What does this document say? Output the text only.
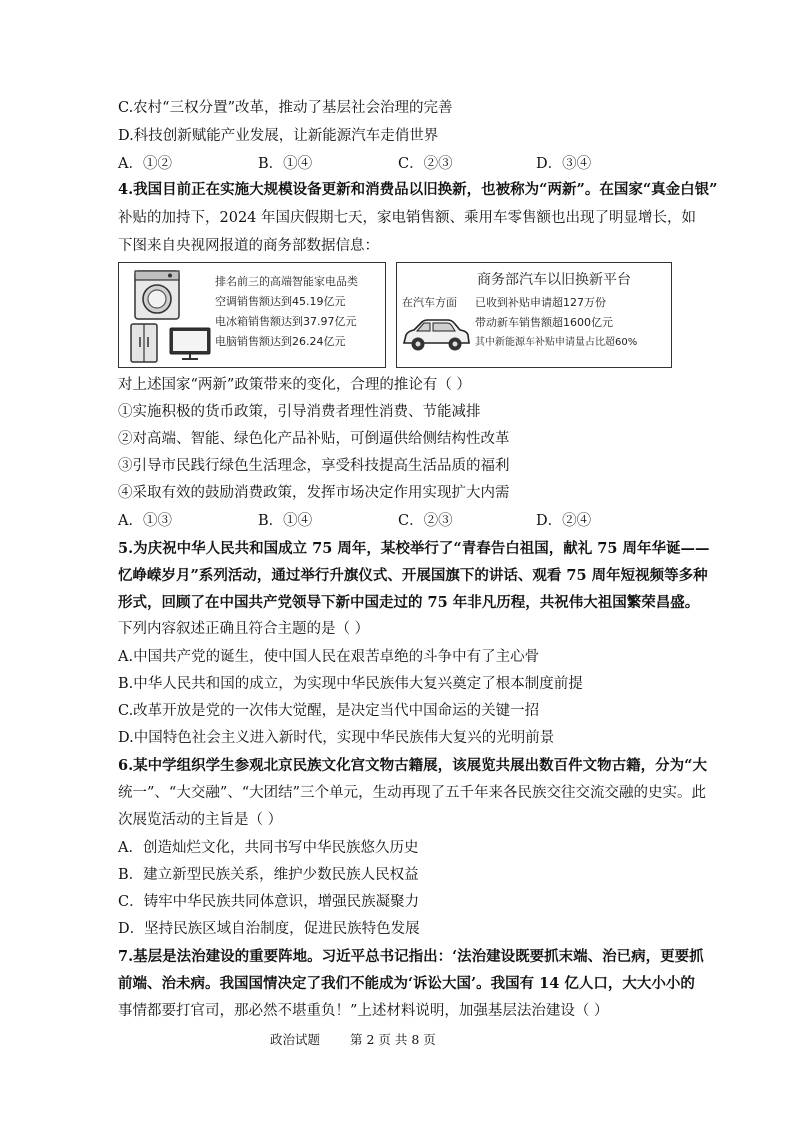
C.农村“三权分置”改革，推动了基层社会治理的完善
D.科技创新赋能产业发展，让新能源汽车走俏世界
A．①②	B．①④	C．②③	D．③④
4.我国目前正在实施大规模设备更新和消费品以旧换新，也被称为“两新”。在国家“真金白银”
补贴的加持下，2024 年国庆假期七天，家电销售额、乘用车零售额也出现了明显增长，如
下图来自央视网报道的商务部数据信息：
排名前三的高端智能家电品类
空调销售额达到45.19亿元
电冰箱销售额达到37.97亿元
电脑销售额达到26.24亿元
商务部汽车以旧换新平台
在汽车方面 已收到补贴申请超127万份
带动新车销售额超1600亿元
其中新能源车补贴申请量占比超60%
对上述国家“两新”政策带来的变化，合理的推论有（ ）
①实施积极的货币政策，引导消费者理性消费、节能减排
②对高端、智能、绿色化产品补贴，可倒逼供给侧结构性改革
③引导市民践行绿色生活理念，享受科技提高生活品质的福利
④采取有效的鼓励消费政策，发挥市场决定作用实现扩大内需
A．①③	B．①④	C．②③	D．②④
5.为庆祝中华人民共和国成立 75 周年，某校举行了“青春告白祖国，献礼 75 周年华诞——
忆峥嵘岁月”系列活动，通过举行升旗仪式、开展国旗下的讲话、观看 75 周年短视频等多种
形式，回顾了在中国共产党领导下新中国走过的 75 年非凡历程，共祝伟大祖国繁荣昌盛。
下列内容叙述正确且符合主题的是（ ）
A.中国共产党的诞生，使中国人民在艰苦卓绝的斗争中有了主心骨
B.中华人民共和国的成立，为实现中华民族伟大复兴奠定了根本制度前提
C.改革开放是党的一次伟大觉醒，是决定当代中国命运的关键一招
D.中国特色社会主义进入新时代，实现中华民族伟大复兴的光明前景
6.某中学组织学生参观北京民族文化宫文物古籍展，该展览共展出数百件文物古籍，分为“大
统一”、“大交融”、“大团结”三个单元，生动再现了五千年来各民族交往交流交融的史实。此
次展览活动的主旨是（ ）
A．创造灿烂文化，共同书写中华民族悠久历史
B．建立新型民族关系，维护少数民族人民权益
C．铸牢中华民族共同体意识，增强民族凝聚力
D．坚持民族区域自治制度，促进民族特色发展
7.基层是法治建设的重要阵地。习近平总书记指出：‘法治建设既要抓末端、治已病，更要抓
前端、治未病。我国国情决定了我们不能成为‘诉讼大国’。我国有 14 亿人口，大大小小的
事情都要打官司，那必然不堪重负！”上述材料说明，加强基层法治建设（ ）
政治试题 第 2 页 共 8 页
